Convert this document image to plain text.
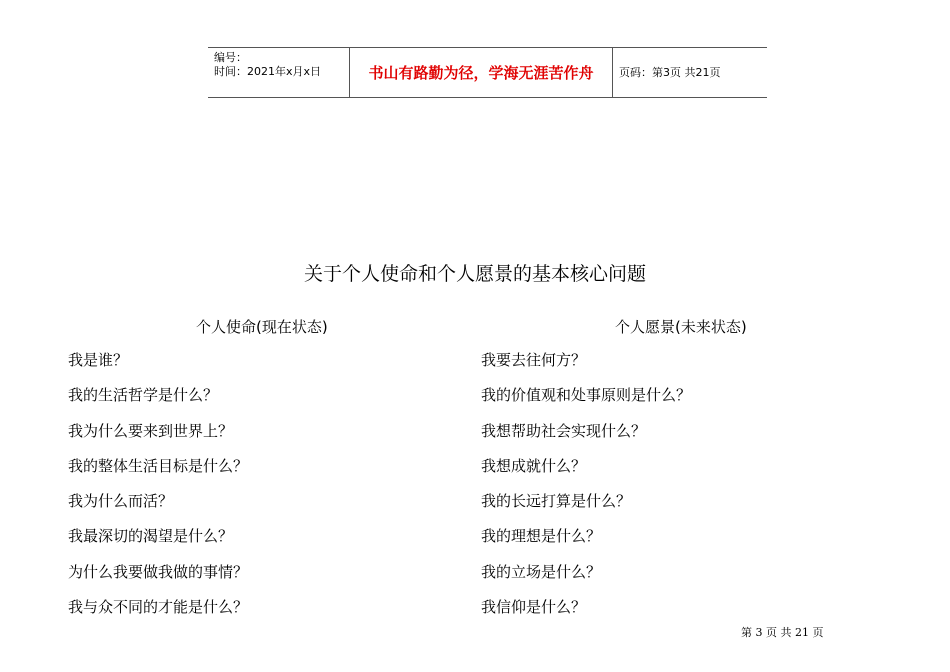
编号：
时间：2021年x月x日	书山有路勤为径，学海无涯苦作舟 页码：第3页 共21页
关于个人使命和个人愿景的基本核心问题
个人使命(现在状态)	个人愿景(未来状态)
我是谁？
我的生活哲学是什么？
我为什么要来到世界上？
我的整体生活目标是什么？
我为什么而活？
我最深切的渴望是什么？
为什么我要做我做的事情？
我与众不同的才能是什么？
我要去往何方？
我的价值观和处事原则是什么？
我想帮助社会实现什么？
我想成就什么？
我的长远打算是什么？
我的理想是什么？
我的立场是什么？
我信仰是什么？
第 3 页 共 21 页
